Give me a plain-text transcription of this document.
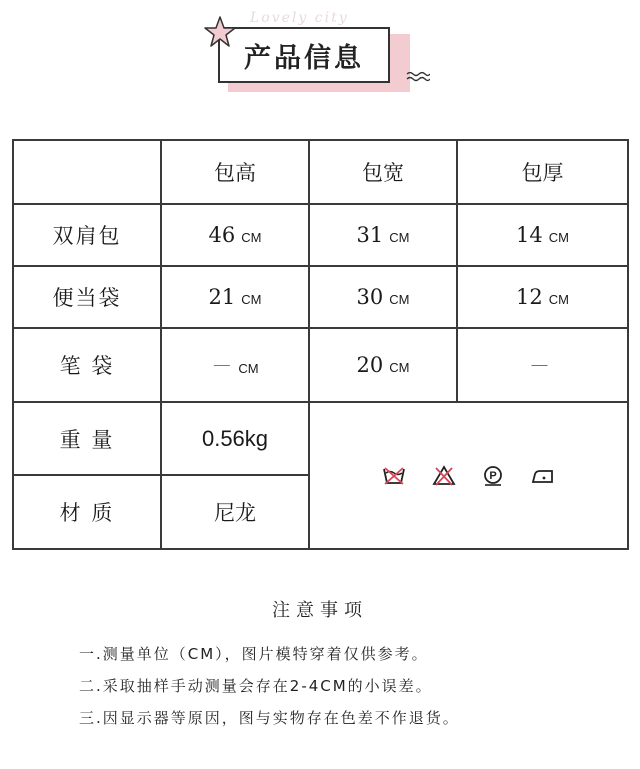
Lovely city
产品信息
	包高	包宽	包厚
双肩包	46 CM	31 CM	14 CM
便当袋	21 CM	30 CM	12 CM
笔 袋	－ CM	20 CM	－
重 量	0.56kg	P	

材 质	尼龙		
注意事项
一.测量单位（CM），图片模特穿着仅供参考。
二.采取抽样手动测量会存在2-4CM的小误差。
三.因显示器等原因，图与实物存在色差不作退货。
